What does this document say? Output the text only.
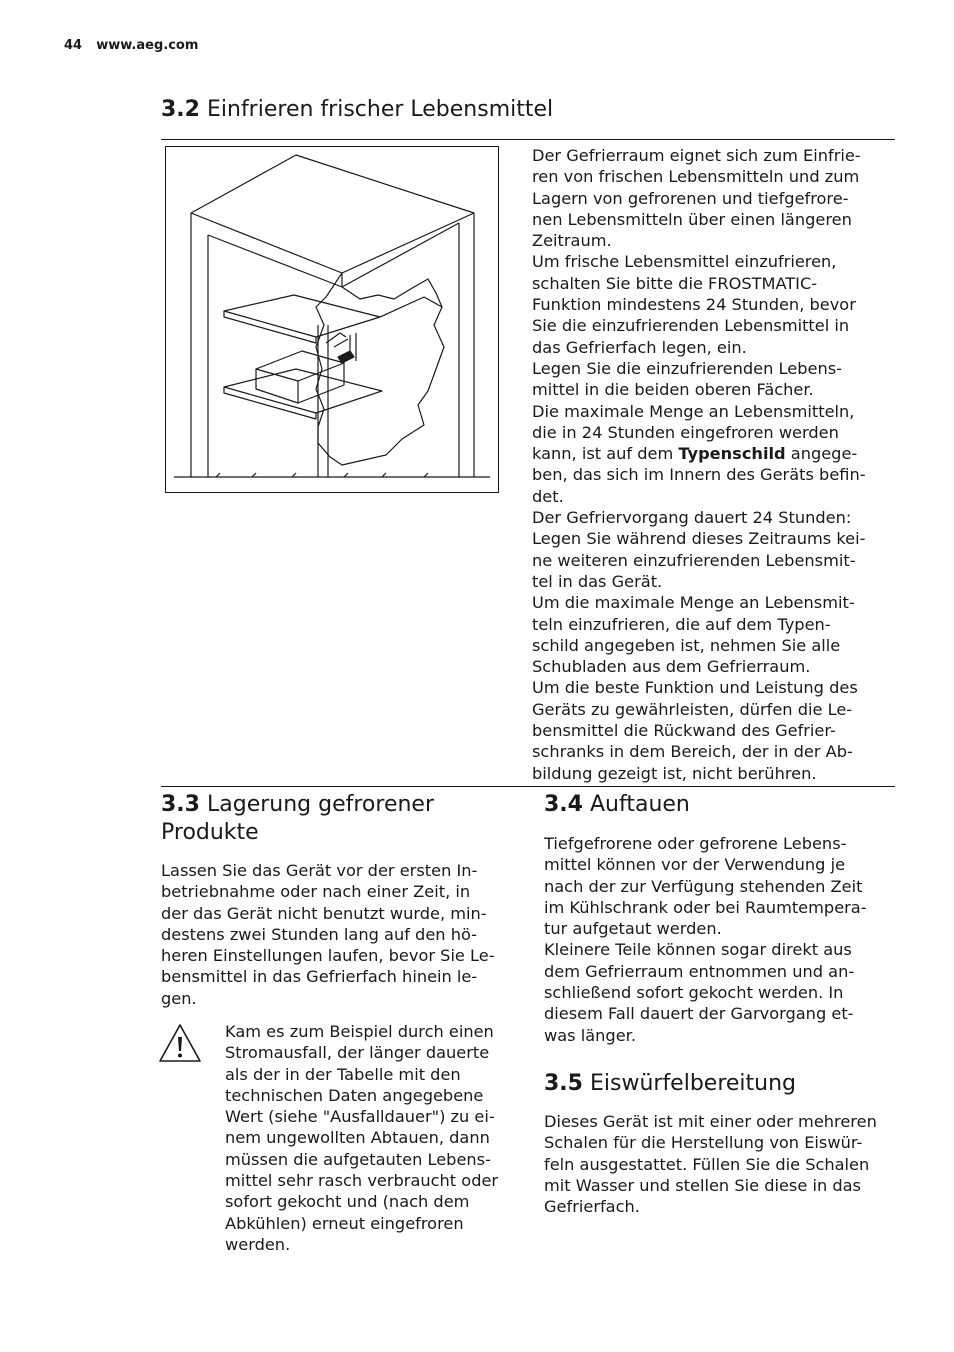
44 www.aeg.com
3.2 Einfrieren frischer Lebensmittel

Der Gefrierraum eignet sich zum Einfrie-
ren von frischen Lebensmitteln und zum
Lagern von gefrorenen und tiefgefrore-
nen Lebensmitteln über einen längeren
Zeitraum.
Um frische Lebensmittel einzufrieren,
schalten Sie bitte die FROSTMATIC-
Funktion mindestens 24 Stunden, bevor
Sie die einzufrierenden Lebensmittel in
das Gefrierfach legen, ein.
Legen Sie die einzufrierenden Lebens-
mittel in die beiden oberen Fächer.
Die maximale Menge an Lebensmitteln,
die in 24 Stunden eingefroren werden
kann, ist auf dem Typenschild angege-
ben, das sich im Innern des Geräts befin-
det.
Der Gefriervorgang dauert 24 Stunden:
Legen Sie während dieses Zeitraums kei-
ne weiteren einzufrierenden Lebensmit-
tel in das Gerät.
Um die maximale Menge an Lebensmit-
teln einzufrieren, die auf dem Typen-
schild angegeben ist, nehmen Sie alle
Schubladen aus dem Gefrierraum.
Um die beste Funktion und Leistung des
Geräts zu gewährleisten, dürfen die Le-
bensmittel die Rückwand des Gefrier-
schranks in dem Bereich, der in der Ab-
bildung gezeigt ist, nicht berühren.

3.3 Lagerung gefrorener
Produkte

Lassen Sie das Gerät vor der ersten In-
betriebnahme oder nach einer Zeit, in
der das Gerät nicht benutzt wurde, min-
destens zwei Stunden lang auf den hö-
heren Einstellungen laufen, bevor Sie Le-
bensmittel in das Gefrierfach hinein le-
gen.

Kam es zum Beispiel durch einen
Stromausfall, der länger dauerte
als der in der Tabelle mit den
technischen Daten angegebene
Wert (siehe "Ausfalldauer") zu ei-
nem ungewollten Abtauen, dann
müssen die aufgetauten Lebens-
mittel sehr rasch verbraucht oder
sofort gekocht und (nach dem
Abkühlen) erneut eingefroren
werden.

3.4 Auftauen

Tiefgefrorene oder gefrorene Lebens-
mittel können vor der Verwendung je
nach der zur Verfügung stehenden Zeit
im Kühlschrank oder bei Raumtempera-
tur aufgetaut werden.
Kleinere Teile können sogar direkt aus
dem Gefrierraum entnommen und an-
schließend sofort gekocht werden. In
diesem Fall dauert der Garvorgang et-
was länger.

3.5 Eiswürfelbereitung

Dieses Gerät ist mit einer oder mehreren
Schalen für die Herstellung von Eiswür-
feln ausgestattet. Füllen Sie die Schalen
mit Wasser und stellen Sie diese in das
Gefrierfach.
